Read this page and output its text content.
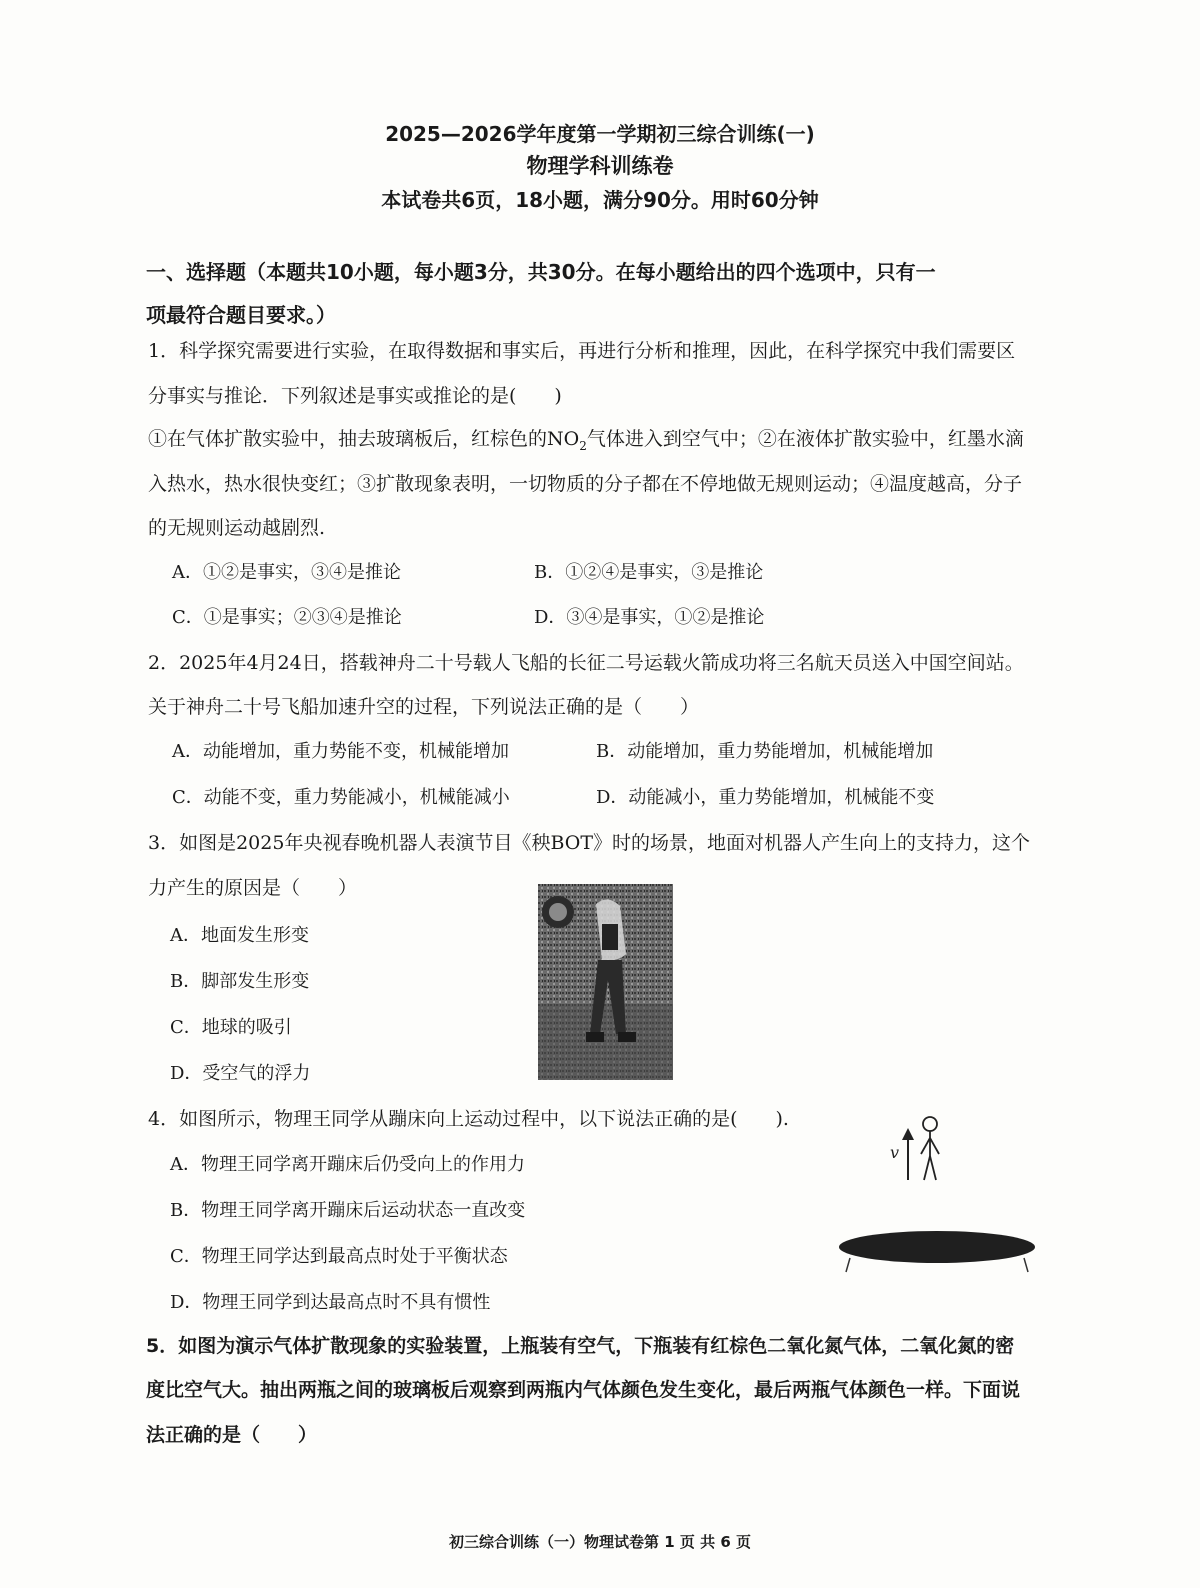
2025—2026学年度第一学期初三综合训练(一)
物理学科训练卷
本试卷共6页，18小题，满分90分。用时60分钟
一、选择题（本题共10小题，每小题3分，共30分。在每小题给出的四个选项中，只有一
项最符合题目要求。）
1．科学探究需要进行实验，在取得数据和事实后，再进行分析和推理，因此，在科学探究中我们需要区
分事实与推论．下列叙述是事实或推论的是(　　)
①在气体扩散实验中，抽去玻璃板后，红棕色的$NO_2$气体进入到空气中；②在液体扩散实验中，红墨水滴
入热水，热水很快变红；③扩散现象表明，一切物质的分子都在不停地做无规则运动；④温度越高，分子
的无规则运动越剧烈.
A．①②是事实，③④是推论	B．①②④是事实，③是推论
C．①是事实；②③④是推论	D．③④是事实，①②是推论
2．2025年4月24日，搭载神舟二十号载人飞船的长征二号运载火箭成功将三名航天员送入中国空间站。
关于神舟二十号飞船加速升空的过程，下列说法正确的是（　　）
A．动能增加，重力势能不变，机械能增加	B．动能增加，重力势能增加，机械能增加
C．动能不变，重力势能减小，机械能减小	D．动能减小，重力势能增加，机械能不变
3．如图是2025年央视春晚机器人表演节目《秧BOT》时的场景，地面对机器人产生向上的支持力，这个
力产生的原因是（　　）
A．地面发生形变
B．脚部发生形变
C．地球的吸引
D．受空气的浮力
4．如图所示，物理王同学从蹦床向上运动过程中，以下说法正确的是(　　).
A．物理王同学离开蹦床后仍受向上的作用力
B．物理王同学离开蹦床后运动状态一直改变
C．物理王同学达到最高点时处于平衡状态
D．物理王同学到达最高点时不具有惯性
v
5．如图为演示气体扩散现象的实验装置，上瓶装有空气，下瓶装有红棕色二氧化氮气体，二氧化氮的密
度比空气大。抽出两瓶之间的玻璃板后观察到两瓶内气体颜色发生变化，最后两瓶气体颜色一样。下面说
法正确的是（　　）
初三综合训练（一）物理试卷第 1 页 共 6 页
